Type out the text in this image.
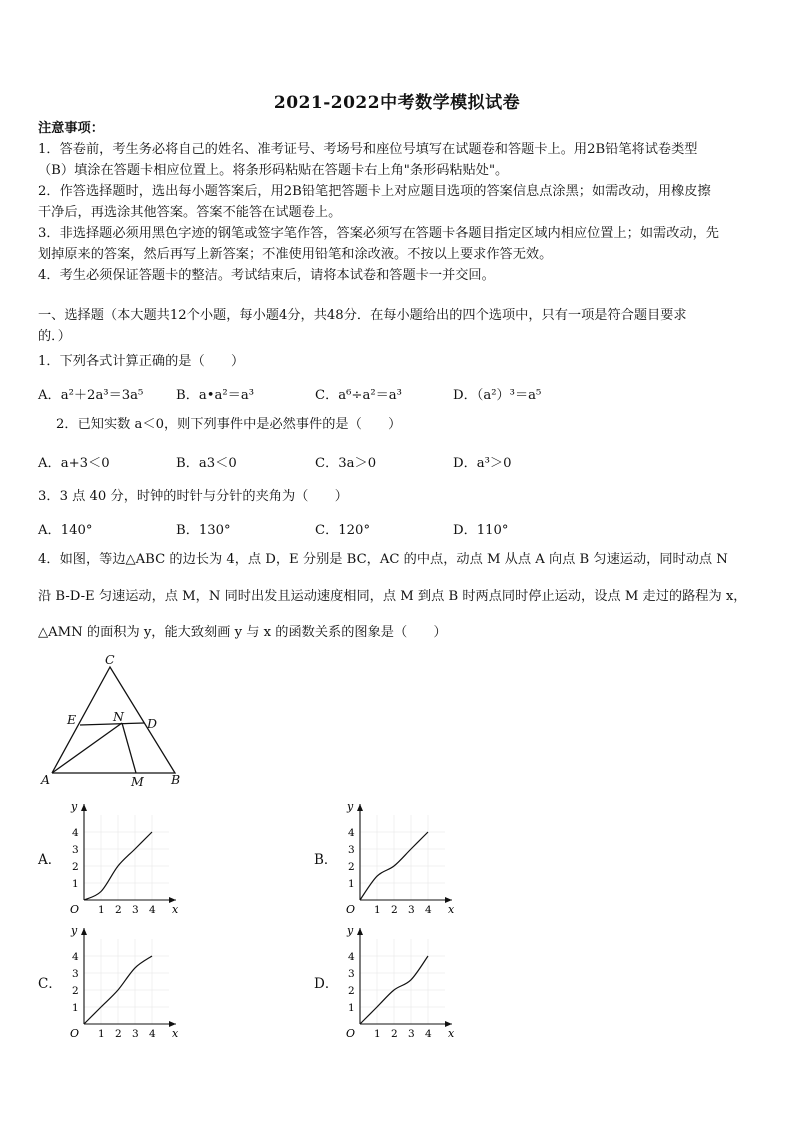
2021-2022中考数学模拟试卷
注意事项：
1．答卷前，考生务必将自己的姓名、准考证号、考场号和座位号填写在试题卷和答题卡上。用2B铅笔将试卷类型
（B）填涂在答题卡相应位置上。将条形码粘贴在答题卡右上角"条形码粘贴处"。
2．作答选择题时，选出每小题答案后，用2B铅笔把答题卡上对应题目选项的答案信息点涂黑；如需改动，用橡皮擦
干净后，再选涂其他答案。答案不能答在试题卷上。
3．非选择题必须用黑色字迹的钢笔或签字笔作答，答案必须写在答题卡各题目指定区域内相应位置上；如需改动，先
划掉原来的答案，然后再写上新答案；不准使用铅笔和涂改液。不按以上要求作答无效。
4．考生必须保证答题卡的整洁。考试结束后，请将本试卷和答题卡一并交回。
一、选择题（本大题共12个小题，每小题4分，共48分．在每小题给出的四个选项中，只有一项是符合题目要求
的．）
1．下列各式计算正确的是（　　）
A．a²＋2a³＝3a⁵ B．a•a²＝a³	C．a⁶÷a²＝a³	D．（a²）³＝a⁵
2．已知实数 a＜0，则下列事件中是必然事件的是（　　）
A．a+3＜0	B．a3＜0	C．3a＞0	D．a³＞0
3．3 点 40 分，时钟的时针与分针的夹角为（　　）
A．140°	B．130°	C．120°	D．110°
4．如图，等边△ABC 的边长为 4，点 D，E 分别是 BC，AC 的中点，动点 M 从点 A 向点 B 匀速运动，同时动点 N
沿 B-D-E 匀速运动，点 M，N 同时出发且运动速度相同，点 M 到点 B 时两点同时停止运动，设点 M 走过的路程为 x，
△AMN 的面积为 y，能大致刻画 y 与 x 的函数关系的图象是（　　）
C
E	N D
A	M B
A．	B．
C．	D．
y
x
O 1 2 3 4
1
2
3
4
y
x
O 1 2 3 4
1
2
3
4
y
x
O 1 2 3 4
1
2
3
4
y
x
O 1 2 3 4
1
2
3
4
